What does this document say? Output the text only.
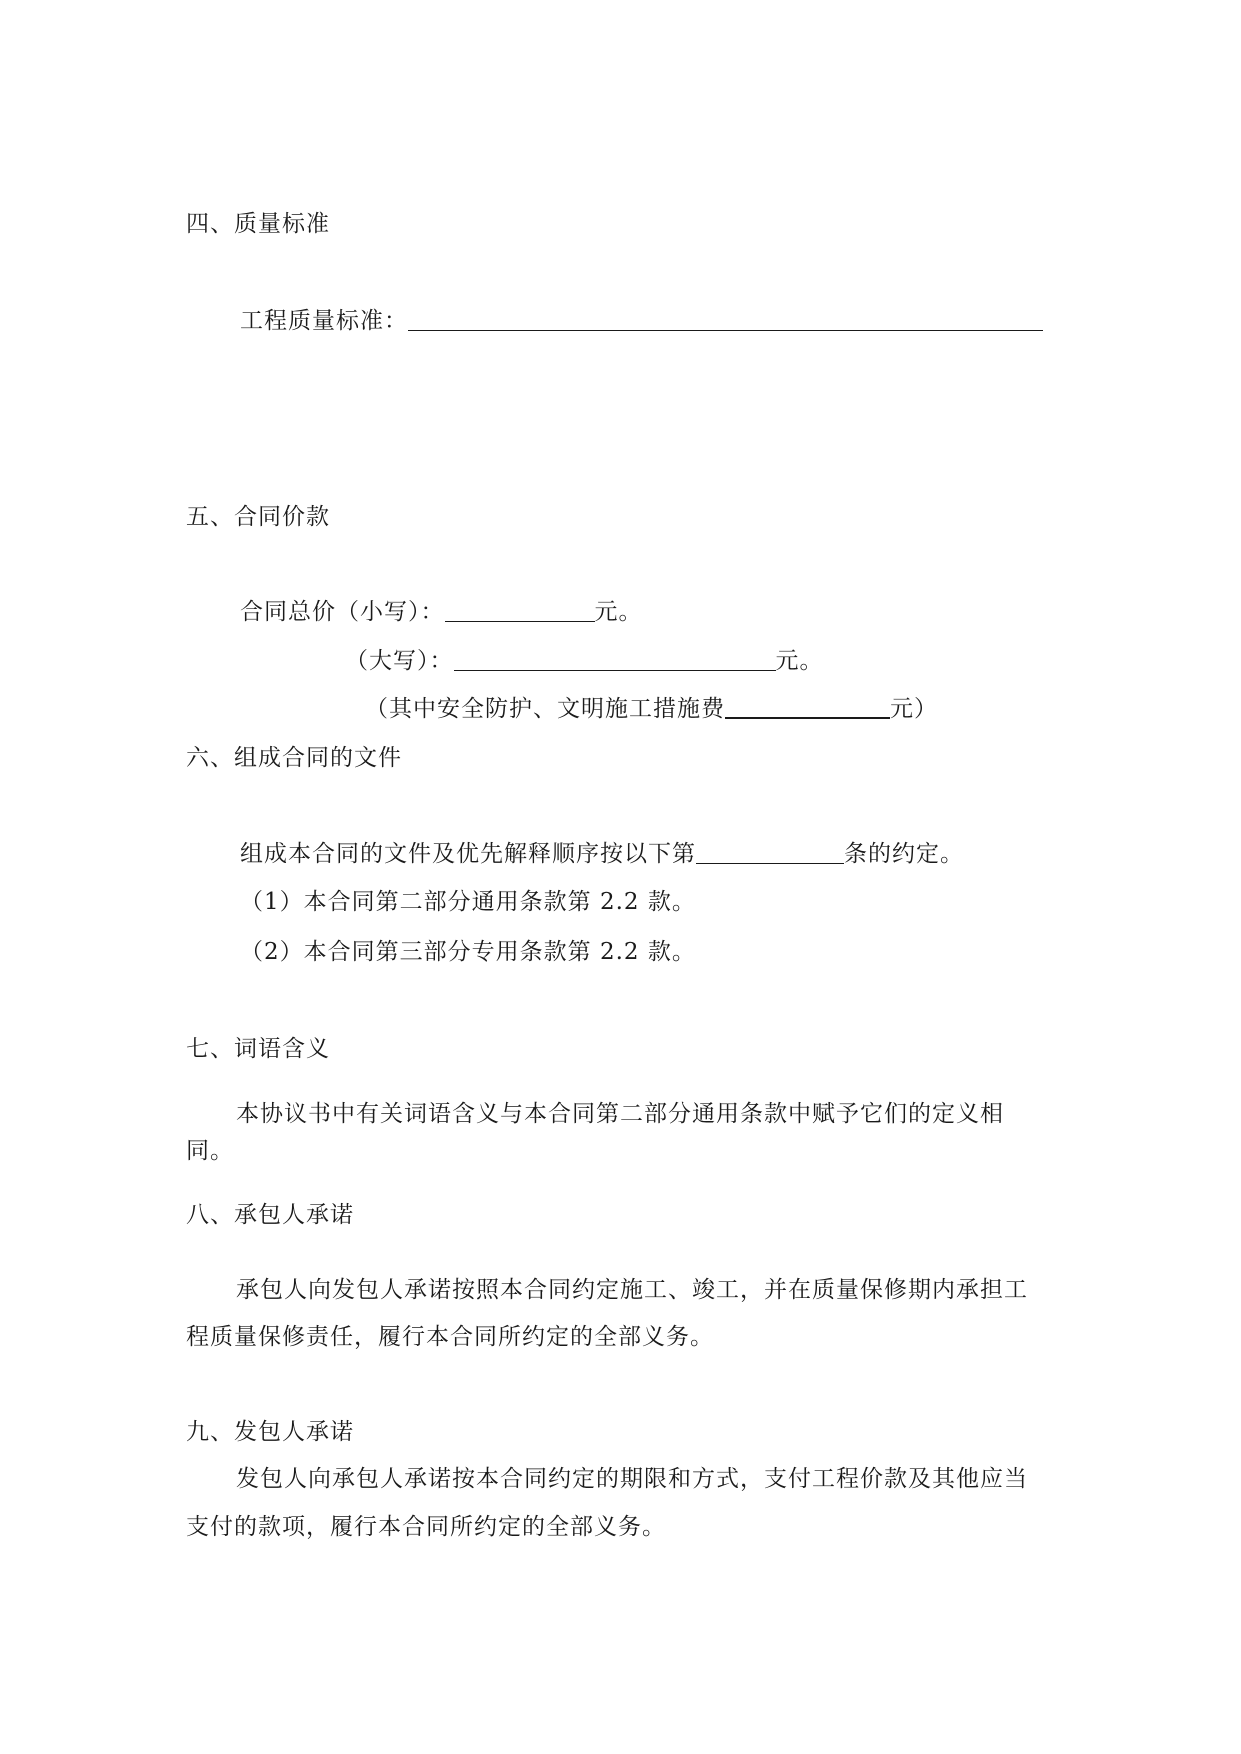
四、质量标准
工程质量标准：
五、合同价款
合同总价（小写）：	元。
（大写）：	元。
（其中安全防护、文明施工措施费	元）
六、组成合同的文件
组成本合同的文件及优先解释顺序按以下第	条的约定。
（1）本合同第二部分通用条款第 2.2 款。
（2）本合同第三部分专用条款第 2.2 款。
七、词语含义
本协议书中有关词语含义与本合同第二部分通用条款中赋予它们的定义相
同。
八、承包人承诺
承包人向发包人承诺按照本合同约定施工、竣工，并在质量保修期内承担工
程质量保修责任，履行本合同所约定的全部义务。
九、发包人承诺
发包人向承包人承诺按本合同约定的期限和方式，支付工程价款及其他应当
支付的款项，履行本合同所约定的全部义务。
